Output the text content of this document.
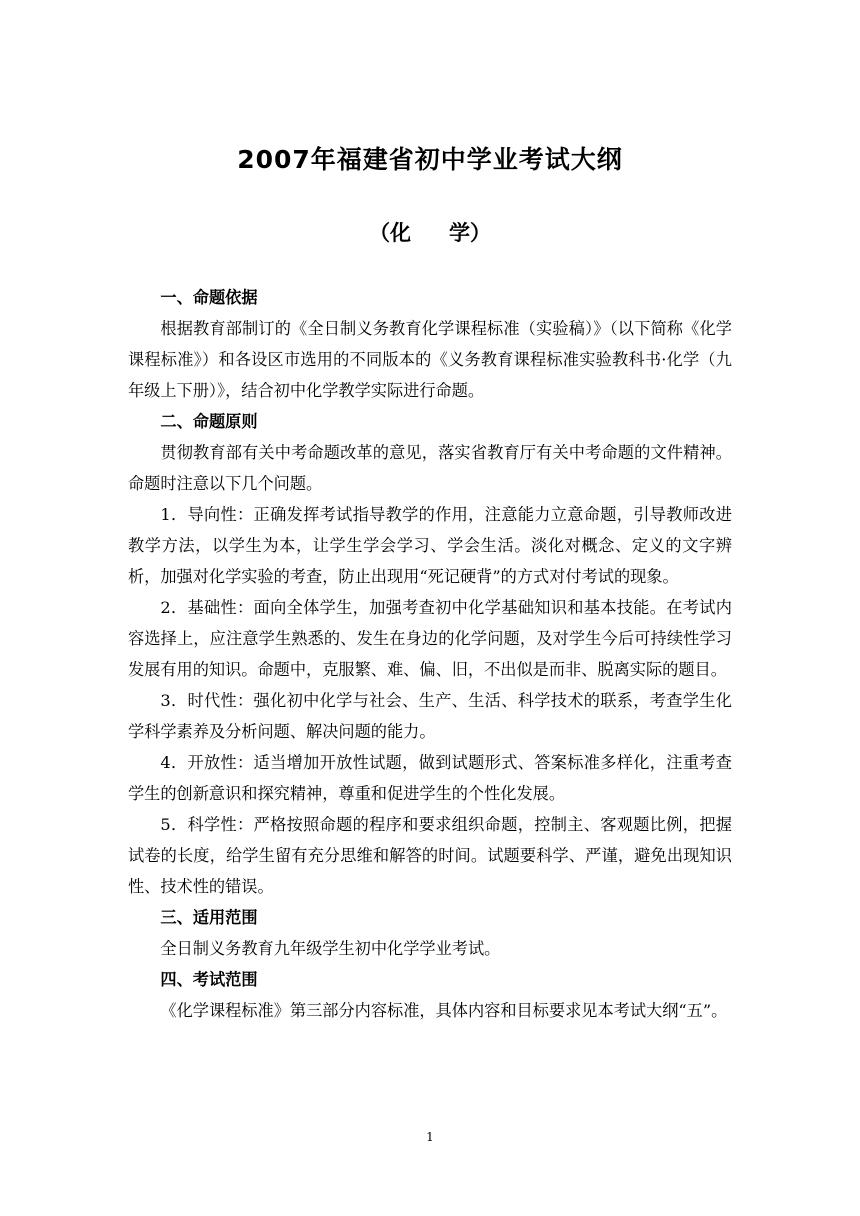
2007年福建省初中学业考试大纲
（化 学）
一、命题依据

根据教育部制订的《全日制义务教育化学课程标准（实验稿）》（以下简称《化学课程标准》）和各设区市选用的不同版本的《义务教育课程标准实验教科书·化学（九年级上下册）》，结合初中化学教学实际进行命题。

二、命题原则

贯彻教育部有关中考命题改革的意见，落实省教育厅有关中考命题的文件精神。命题时注意以下几个问题。

1．导向性：正确发挥考试指导教学的作用，注意能力立意命题，引导教师改进教学方法，以学生为本，让学生学会学习、学会生活。淡化对概念、定义的文字辨析，加强对化学实验的考查，防止出现用“死记硬背”的方式对付考试的现象。

2．基础性：面向全体学生，加强考查初中化学基础知识和基本技能。在考试内容选择上，应注意学生熟悉的、发生在身边的化学问题，及对学生今后可持续性学习发展有用的知识。命题中，克服繁、难、偏、旧，不出似是而非、脱离实际的题目。

3．时代性：强化初中化学与社会、生产、生活、科学技术的联系，考查学生化学科学素养及分析问题、解决问题的能力。

4．开放性：适当增加开放性试题，做到试题形式、答案标准多样化，注重考查学生的创新意识和探究精神，尊重和促进学生的个性化发展。

5．科学性：严格按照命题的程序和要求组织命题，控制主、客观题比例，把握试卷的长度，给学生留有充分思维和解答的时间。试题要科学、严谨，避免出现知识性、技术性的错误。

三、适用范围

全日制义务教育九年级学生初中化学学业考试。

四、考试范围

《化学课程标准》第三部分内容标准，具体内容和目标要求见本考试大纲“五”。

1
